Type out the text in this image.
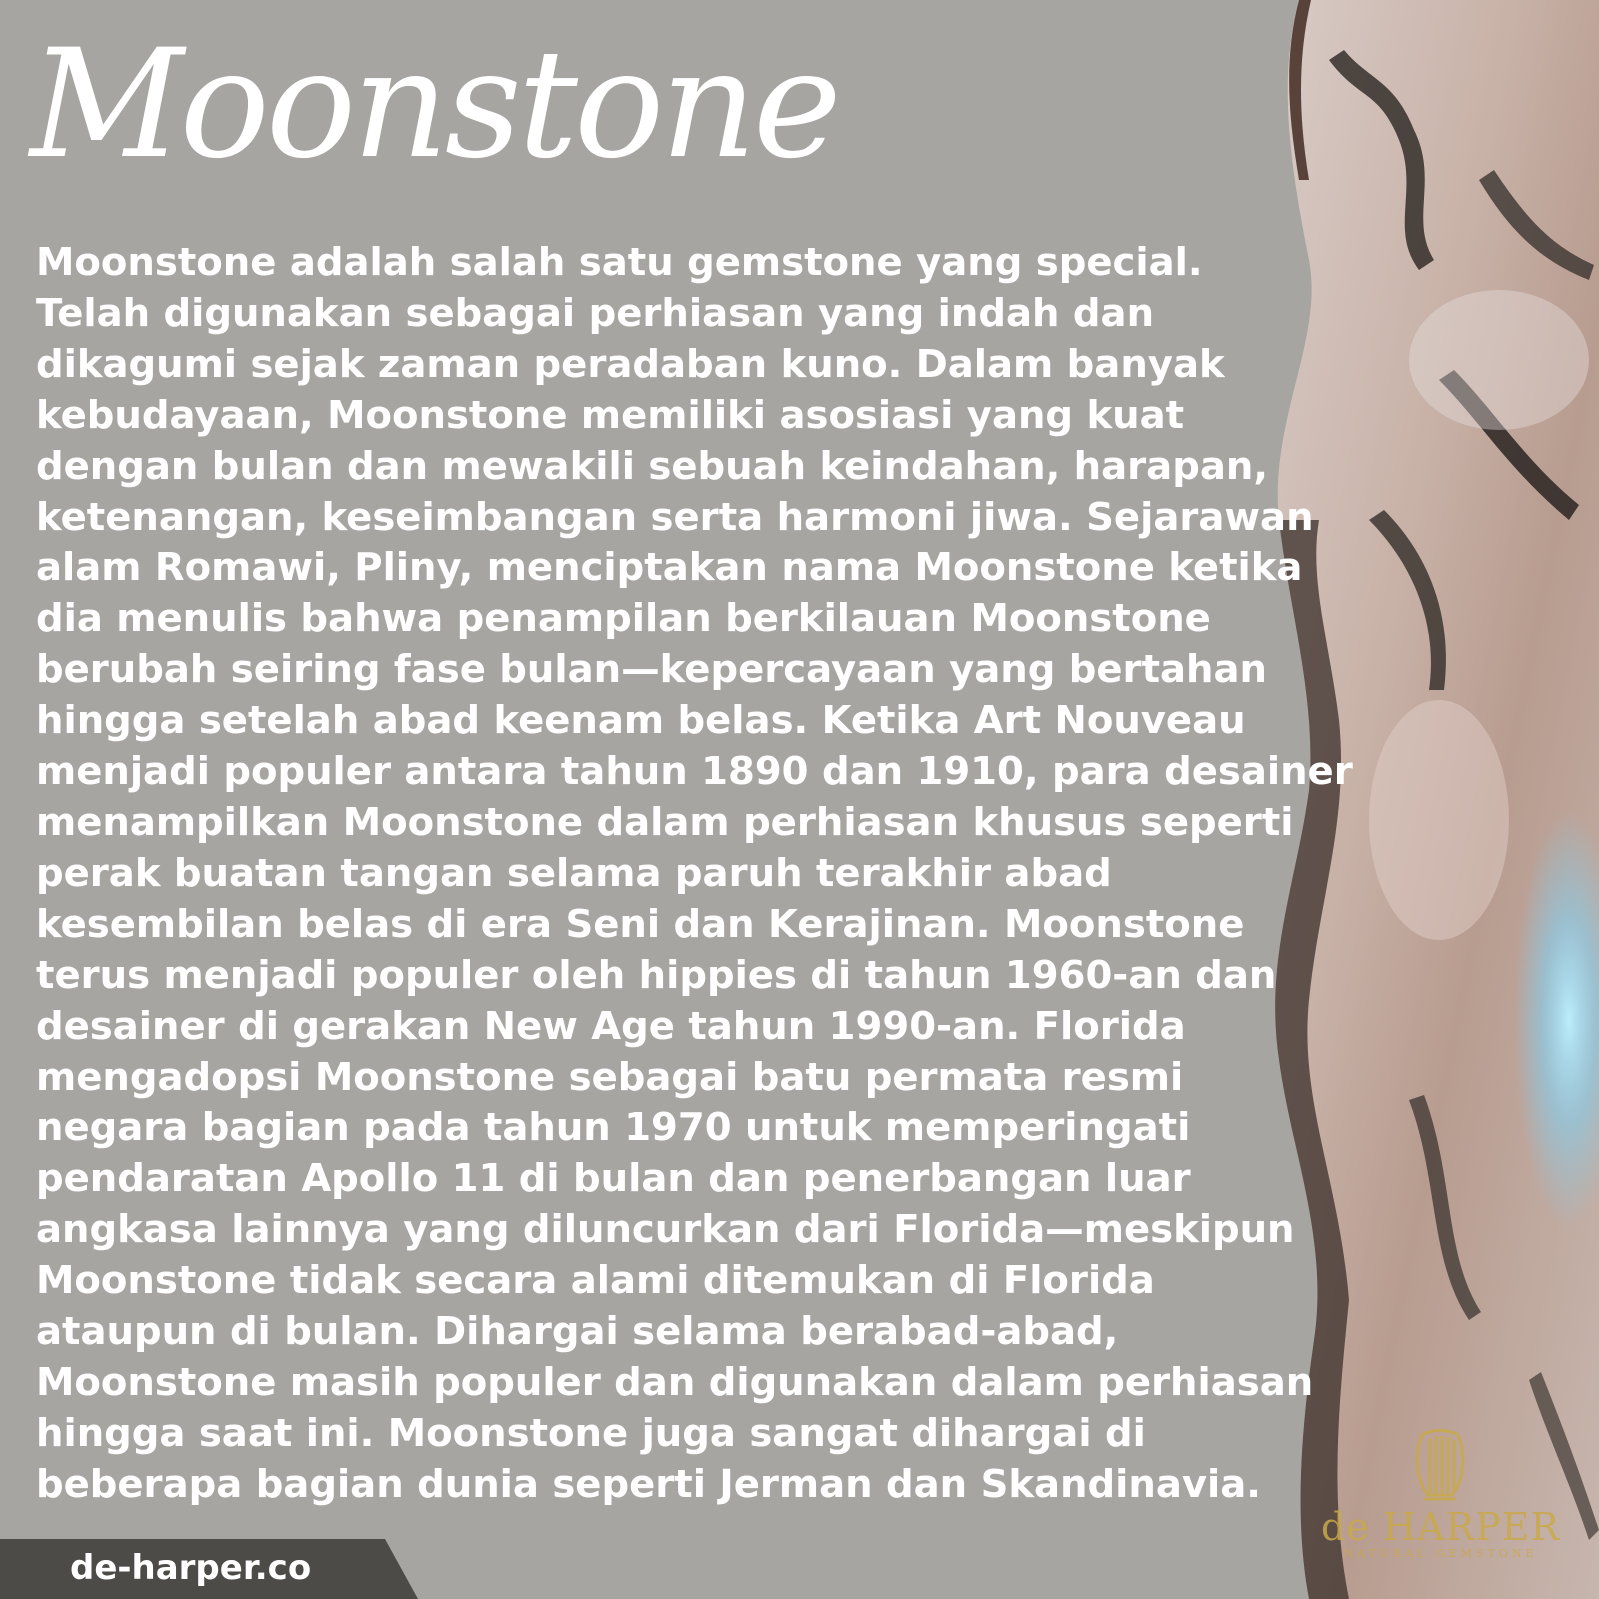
Moonstone

Moonstone adalah salah satu gemstone yang special.
Telah digunakan sebagai perhiasan yang indah dan
dikagumi sejak zaman peradaban kuno. Dalam banyak
kebudayaan, Moonstone memiliki asosiasi yang kuat
dengan bulan dan mewakili sebuah keindahan, harapan,
ketenangan, keseimbangan serta harmoni jiwa. Sejarawan
alam Romawi, Pliny, menciptakan nama Moonstone ketika
dia menulis bahwa penampilan berkilauan Moonstone
berubah seiring fase bulan—kepercayaan yang bertahan
hingga setelah abad keenam belas. Ketika Art Nouveau
menjadi populer antara tahun 1890 dan 1910, para desainer
menampilkan Moonstone dalam perhiasan khusus seperti
perak buatan tangan selama paruh terakhir abad
kesembilan belas di era Seni dan Kerajinan. Moonstone
terus menjadi populer oleh hippies di tahun 1960-an dan
desainer di gerakan New Age tahun 1990-an. Florida
mengadopsi Moonstone sebagai batu permata resmi
negara bagian pada tahun 1970 untuk memperingati
pendaratan Apollo 11 di bulan dan penerbangan luar
angkasa lainnya yang diluncurkan dari Florida—meskipun
Moonstone tidak secara alami ditemukan di Florida
ataupun di bulan. Dihargai selama berabad-abad,
Moonstone masih populer dan digunakan dalam perhiasan
hingga saat ini. Moonstone juga sangat dihargai di
beberapa bagian dunia seperti Jerman dan Skandinavia.

de-harper.co
de HARPER
NATURAL GEMSTONE
